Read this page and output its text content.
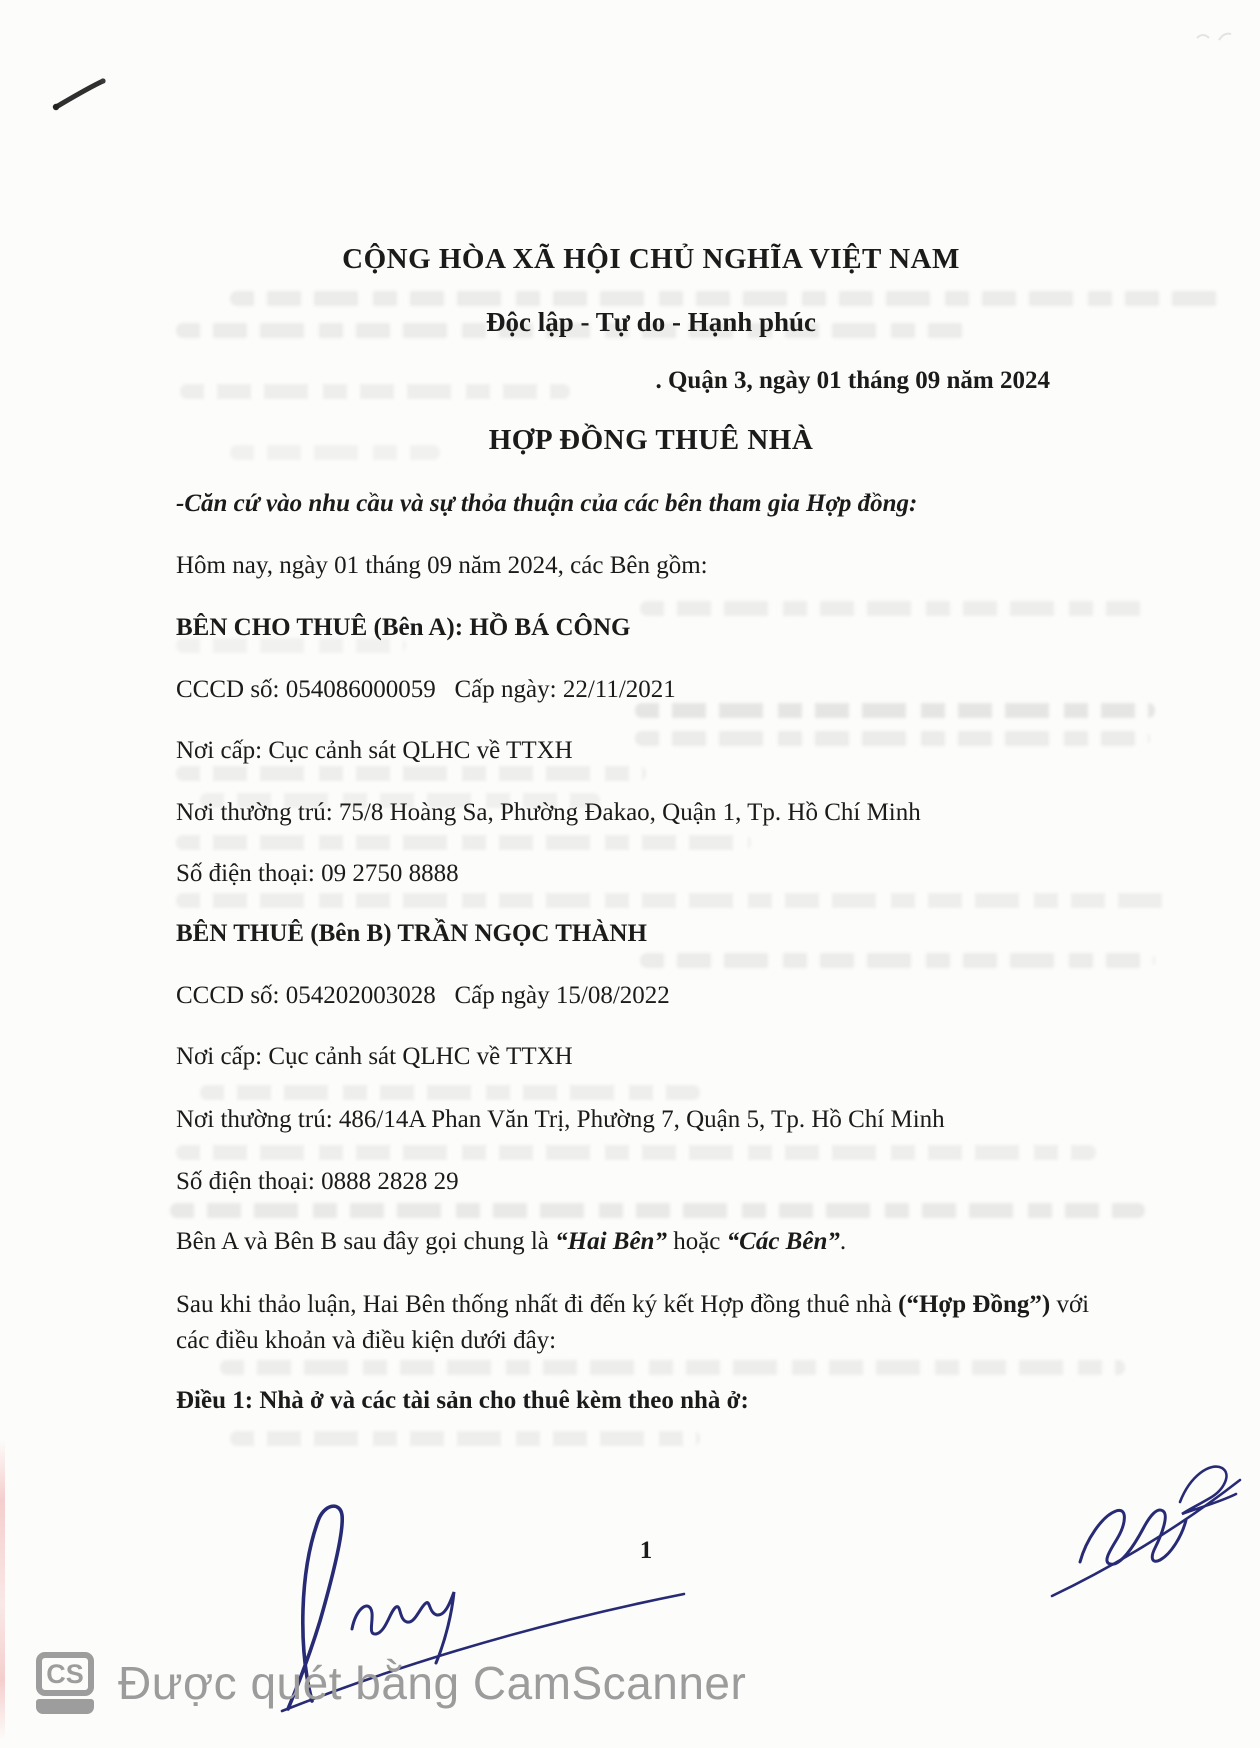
CỘNG HÒA XÃ HỘI CHỦ NGHĨA VIỆT NAM
Độc lập - Tự do - Hạnh phúc
. Quận 3, ngày 01 tháng 09 năm 2024
HỢP ĐỒNG THUÊ NHÀ
-Căn cứ vào nhu cầu và sự thỏa thuận của các bên tham gia Hợp đồng:
Hôm nay, ngày 01 tháng 09 năm 2024, các Bên gồm:
BÊN CHO THUÊ (Bên A): HỒ BÁ CÔNG
CCCD số: 054086000059   Cấp ngày: 22/11/2021
Nơi cấp: Cục cảnh sát QLHC về TTXH
Nơi thường trú: 75/8 Hoàng Sa, Phường Đakao, Quận 1, Tp. Hồ Chí Minh
Số điện thoại: 09 2750 8888
BÊN THUÊ (Bên B) TRẦN NGỌC THÀNH
CCCD số: 054202003028   Cấp ngày 15/08/2022
Nơi cấp: Cục cảnh sát QLHC về TTXH
Nơi thường trú: 486/14A Phan Văn Trị, Phường 7, Quận 5, Tp. Hồ Chí Minh
Số điện thoại: 0888 2828 29
Bên A và Bên B sau đây gọi chung là “Hai Bên” hoặc “Các Bên”.
Sau khi thảo luận, Hai Bên thống nhất đi đến ký kết Hợp đồng thuê nhà (“Hợp Đồng”) với
các điều khoản và điều kiện dưới đây:
Điều 1: Nhà ở và các tài sản cho thuê kèm theo nhà ở:
1
CS Được quét bằng CamScanner
